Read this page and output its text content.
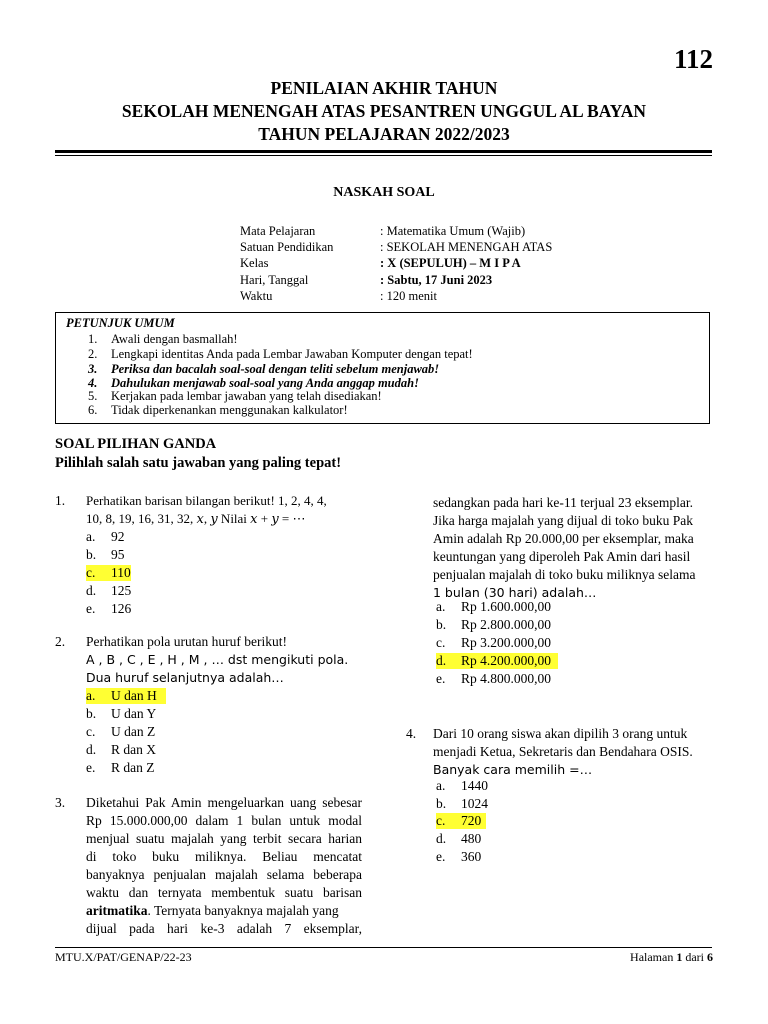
112
PENILAIAN AKHIR TAHUN
SEKOLAH MENENGAH ATAS PESANTREN UNGGUL AL BAYAN
TAHUN PELAJARAN 2022/2023
NASKAH SOAL
Mata Pelajaran	: Matematika Umum (Wajib)
Satuan Pendidikan	: SEKOLAH MENENGAH ATAS
Kelas	: X (SEPULUH) – M I P A
Hari, Tanggal	: Sabtu, 17 Juni 2023
Waktu	: 120 menit
PETUNJUK UMUM
1. Awali dengan basmallah!
2. Lengkapi identitas Anda pada Lembar Jawaban Komputer dengan tepat!
3. Periksa dan bacalah soal-soal dengan teliti sebelum menjawab!
4. Dahulukan menjawab soal-soal yang Anda anggap mudah!
5. Kerjakan pada lembar jawaban yang telah disediakan!
6. Tidak diperkenankan menggunakan kalkulator!
SOAL PILIHAN GANDA
Pilihlah salah satu jawaban yang paling tepat!
1. Perhatikan barisan bilangan berikut! 1, 2, 4, 4,
10, 8, 19, 16, 31, 32, 𝑥, 𝑦 Nilai 𝑥 + 𝑦 = ⋯
a. 92
b. 95
c. 110
d. 125
e. 126
2. Perhatikan pola urutan huruf berikut!
A , B , C , E , H , M , … dst mengikuti pola.
Dua huruf selanjutnya adalah…
a. U dan H
b. U dan Y
c. U dan Z
d. R dan X
e. R dan Z
3. Diketahui Pak Amin mengeluarkan uang sebesar
Rp 15.000.000,00 dalam 1 bulan untuk modal
menjual suatu majalah yang terbit secara harian
di toko buku miliknya. Beliau mencatat
banyaknya penjualan majalah selama beberapa
waktu dan ternyata membentuk suatu barisan
aritmatika. Ternyata banyaknya majalah yang
dijual pada hari ke-3 adalah 7 eksemplar,
sedangkan pada hari ke-11 terjual 23 eksemplar.
Jika harga majalah yang dijual di toko buku Pak
Amin adalah Rp 20.000,00 per eksemplar, maka
keuntungan yang diperoleh Pak Amin dari hasil
penjualan majalah di toko buku miliknya selama
1 bulan (30 hari) adalah…
a. Rp 1.600.000,00
b. Rp 2.800.000,00
c. Rp 3.200.000,00
d. Rp 4.200.000,00
e. Rp 4.800.000,00
4. Dari 10 orang siswa akan dipilih 3 orang untuk
menjadi Ketua, Sekretaris dan Bendahara OSIS.
Banyak cara memilih =…
a. 1440
b. 1024
c. 720
d. 480
e. 360
MTU.X/PAT/GENAP/22-23	Halaman 1 dari 6
